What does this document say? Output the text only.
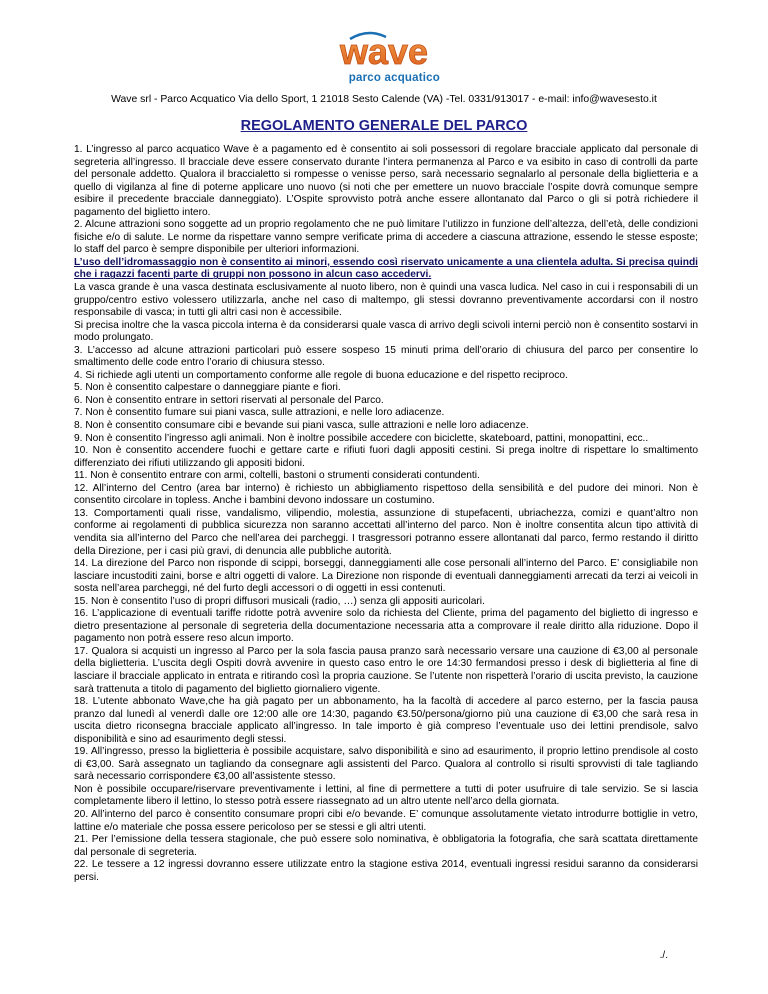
wave
parco acquatico
Wave srl - Parco Acquatico Via dello Sport, 1 21018 Sesto Calende (VA) -Tel. 0331/913017 - e-mail: info@wavesesto.it
REGOLAMENTO GENERALE DEL PARCO

1. L’ingresso al parco acquatico Wave è a pagamento ed è consentito ai soli possessori di regolare bracciale applicato dal personale di segreteria all’ingresso. Il bracciale deve essere conservato durante l’intera permanenza al Parco e va esibito in caso di controlli da parte del personale addetto. Qualora il braccialetto si rompesse o venisse perso, sarà necessario segnalarlo al personale della biglietteria e a quello di vigilanza al fine di poterne applicare uno nuovo (si noti che per emettere un nuovo bracciale l’ospite dovrà comunque sempre esibire il precedente bracciale danneggiato). L’Ospite sprovvisto potrà anche essere allontanato dal Parco o gli si potrà richiedere il pagamento del biglietto intero.

2. Alcune attrazioni sono soggette ad un proprio regolamento che ne può limitare l’utilizzo in funzione dell’altezza, dell’età, delle condizioni fisiche e/o di salute. Le norme da rispettare vanno sempre verificate prima di accedere a ciascuna attrazione, essendo le stesse esposte; lo staff del parco è sempre disponibile per ulteriori informazioni.

L’uso dell’idromassaggio non è consentito ai minori, essendo così riservato unicamente a una clientela adulta. Si precisa quindi che i ragazzi facenti parte di gruppi non possono in alcun caso accedervi.

La vasca grande è una vasca destinata esclusivamente al nuoto libero, non è quindi una vasca ludica. Nel caso in cui i responsabili di un gruppo/centro estivo volessero utilizzarla, anche nel caso di maltempo, gli stessi dovranno preventivamente accordarsi con il nostro responsabile di vasca; in tutti gli altri casi non è accessibile.

Si precisa inoltre che la vasca piccola interna è da considerarsi quale vasca di arrivo degli scivoli interni perciò non è consentito sostarvi in modo prolungato.

3. L’accesso ad alcune attrazioni particolari può essere sospeso 15 minuti prima dell’orario di chiusura del parco per consentire lo smaltimento delle code entro l’orario di chiusura stesso.

4. Si richiede agli utenti un comportamento conforme alle regole di buona educazione e del rispetto reciproco.

5. Non è consentito calpestare o danneggiare piante e fiori.

6. Non è consentito entrare in settori riservati al personale del Parco.

7. Non è consentito fumare sui piani vasca, sulle attrazioni, e nelle loro adiacenze.

8. Non è consentito consumare cibi e bevande sui piani vasca, sulle attrazioni e nelle loro adiacenze.

9. Non è consentito l’ingresso agli animali. Non è inoltre possibile accedere con biciclette, skateboard, pattini, monopattini, ecc..

10. Non è consentito accendere fuochi e gettare carte e rifiuti fuori dagli appositi cestini. Si prega inoltre di rispettare lo smaltimento differenziato dei rifiuti utilizzando gli appositi bidoni.

11. Non è consentito entrare con armi, coltelli, bastoni o strumenti considerati contundenti.

12. All’interno del Centro (area bar interno) è richiesto un abbigliamento rispettoso della sensibilità e del pudore dei minori. Non è consentito circolare in topless. Anche i bambini devono indossare un costumino.

13. Comportamenti quali risse, vandalismo, vilipendio, molestia, assunzione di stupefacenti, ubriachezza, comizi e quant’altro non conforme ai regolamenti di pubblica sicurezza non saranno accettati all’interno del parco. Non è inoltre consentita alcun tipo attività di vendita sia all’interno del Parco che nell’area dei parcheggi. I trasgressori potranno essere allontanati dal parco, fermo restando il diritto della Direzione, per i casi più gravi, di denuncia alle pubbliche autorità.

14. La direzione del Parco non risponde di scippi, borseggi, danneggiamenti alle cose personali all’interno del Parco. E’ consigliabile non lasciare incustoditi zaini, borse e altri oggetti di valore. La Direzione non risponde di eventuali danneggiamenti arrecati da terzi ai veicoli in sosta nell’area parcheggi, né del furto degli accessori o di oggetti in essi contenuti.

15. Non è consentito l’uso di propri diffusori musicali (radio, …) senza gli appositi auricolari.

16. L’applicazione di eventuali tariffe ridotte potrà avvenire solo da richiesta del Cliente, prima del pagamento del biglietto di ingresso e dietro presentazione al personale di segreteria della documentazione necessaria atta a comprovare il reale diritto alla riduzione. Dopo il pagamento non potrà essere reso alcun importo.

17. Qualora si acquisti un ingresso al Parco per la sola fascia pausa pranzo sarà necessario versare una cauzione di €3,00 al personale della biglietteria. L’uscita degli Ospiti dovrà avvenire in questo caso entro le ore 14:30 fermandosi presso i desk di biglietteria al fine di lasciare il bracciale applicato in entrata e ritirando così la propria cauzione. Se l’utente non rispetterà l’orario di uscita previsto, la cauzione sarà trattenuta a titolo di pagamento del biglietto giornaliero vigente.

18. L’utente abbonato Wave,che ha già pagato per un abbonamento, ha la facoltà di accedere al parco esterno, per la fascia pausa pranzo dal lunedì al venerdì dalle ore 12:00 alle ore 14:30, pagando €3.50/persona/giorno più una cauzione di €3,00 che sarà resa in uscita dietro riconsegna bracciale applicato all’ingresso. In tale importo è già compreso l’eventuale uso dei lettini prendisole, salvo disponibilità e sino ad esaurimento degli stessi.

19. All’ingresso, presso la biglietteria è possibile acquistare, salvo disponibilità e sino ad esaurimento, il proprio lettino prendisole al costo di €3,00. Sarà assegnato un tagliando da consegnare agli assistenti del Parco. Qualora al controllo si risulti sprovvisti di tale tagliando sarà necessario corrispondere €3,00 all’assistente stesso.

Non è possibile occupare/riservare preventivamente i lettini, al fine di permettere a tutti di poter usufruire di tale servizio. Se si lascia completamente libero il lettino, lo stesso potrà essere riassegnato ad un altro utente nell’arco della giornata.

20. All’interno del parco è consentito consumare propri cibi e/o bevande. E’ comunque assolutamente vietato introdurre bottiglie in vetro, lattine e/o materiale che possa essere pericoloso per se stessi e gli altri utenti.

21. Per l’emissione della tessera stagionale, che può essere solo nominativa, è obbligatoria la fotografia, che sarà scattata direttamente dal personale di segreteria.

22. Le tessere a 12 ingressi dovranno essere utilizzate entro la stagione estiva 2014, eventuali ingressi residui saranno da considerarsi persi.

./.
